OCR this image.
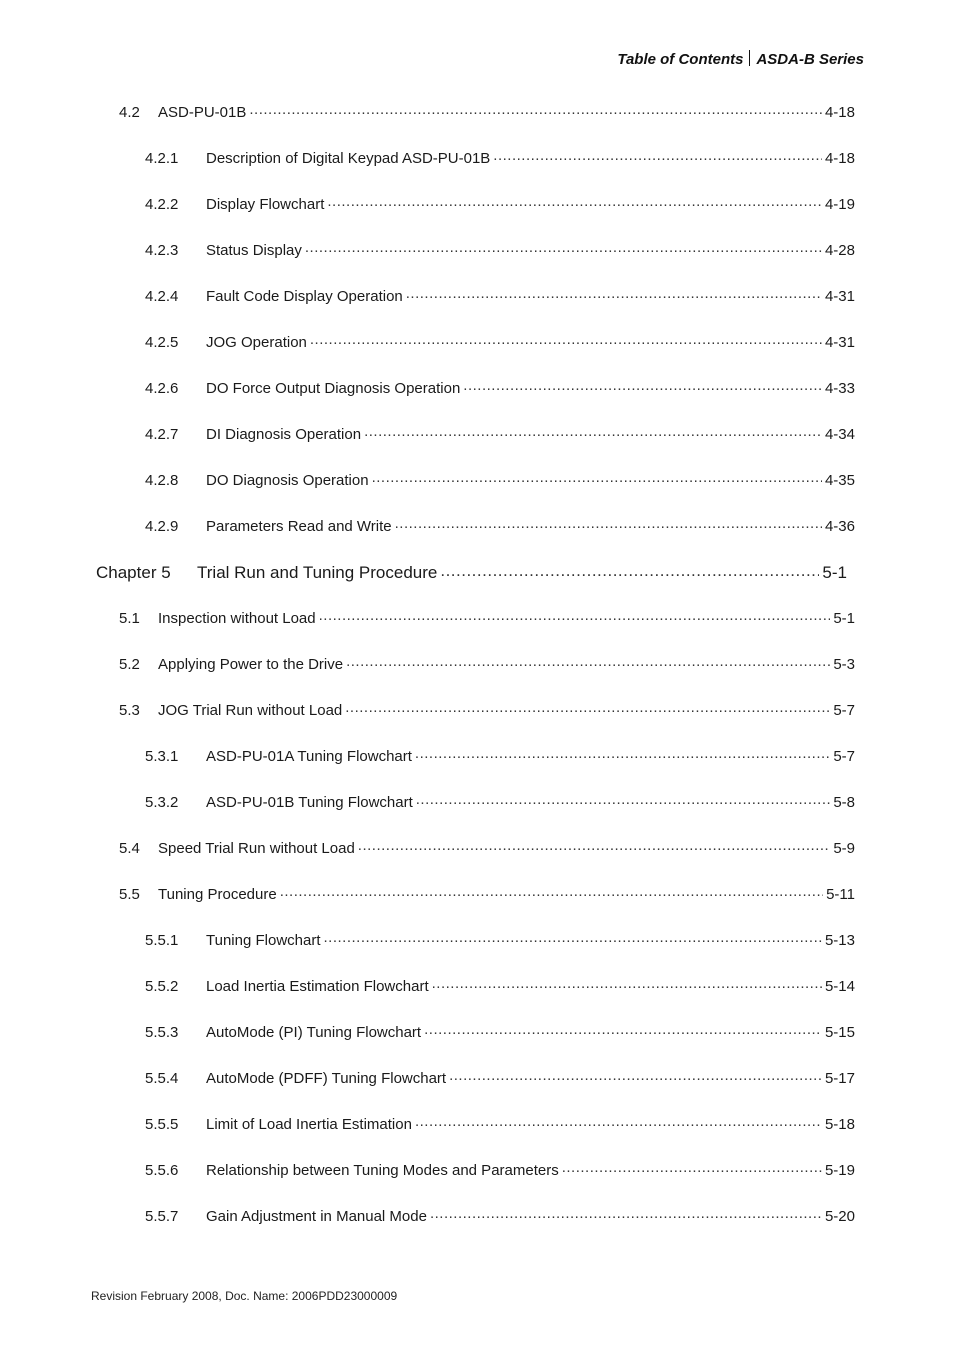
Table of Contents ASDA-B Series
4.2	ASD-PU-01B .....	4-18
4.2.1	Description of Digital Keypad ASD-PU-01B .....	4-18
4.2.2	Display Flowchart .....	4-19
4.2.3	Status Display .....	4-28
4.2.4	Fault Code Display Operation .....	4-31
4.2.5	JOG Operation .....	4-31
4.2.6	DO Force Output Diagnosis Operation .....	4-33
4.2.7	DI Diagnosis Operation .....	4-34
4.2.8	DO Diagnosis Operation .....	4-35
4.2.9	Parameters Read and Write .....	4-36
Chapter 5	Trial Run and Tuning Procedure .....	5-1
5.1	Inspection without Load .....	5-1
5.2	Applying Power to the Drive .....	5-3
5.3	JOG Trial Run without Load .....	5-7
5.3.1	ASD-PU-01A Tuning Flowchart .....	5-7
5.3.2	ASD-PU-01B Tuning Flowchart .....	5-8
5.4	Speed Trial Run without Load .....	5-9
5.5	Tuning Procedure .....	5-11
5.5.1	Tuning Flowchart .....	5-13
5.5.2	Load Inertia Estimation Flowchart .....	5-14
5.5.3	AutoMode (PI) Tuning Flowchart .....	5-15
5.5.4	AutoMode (PDFF) Tuning Flowchart .....	5-17
5.5.5	Limit of Load Inertia Estimation .....	5-18
5.5.6	Relationship between Tuning Modes and Parameters .....	5-19
5.5.7	Gain Adjustment in Manual Mode .....	5-20
Revision February 2008, Doc. Name: 2006PDD23000009
